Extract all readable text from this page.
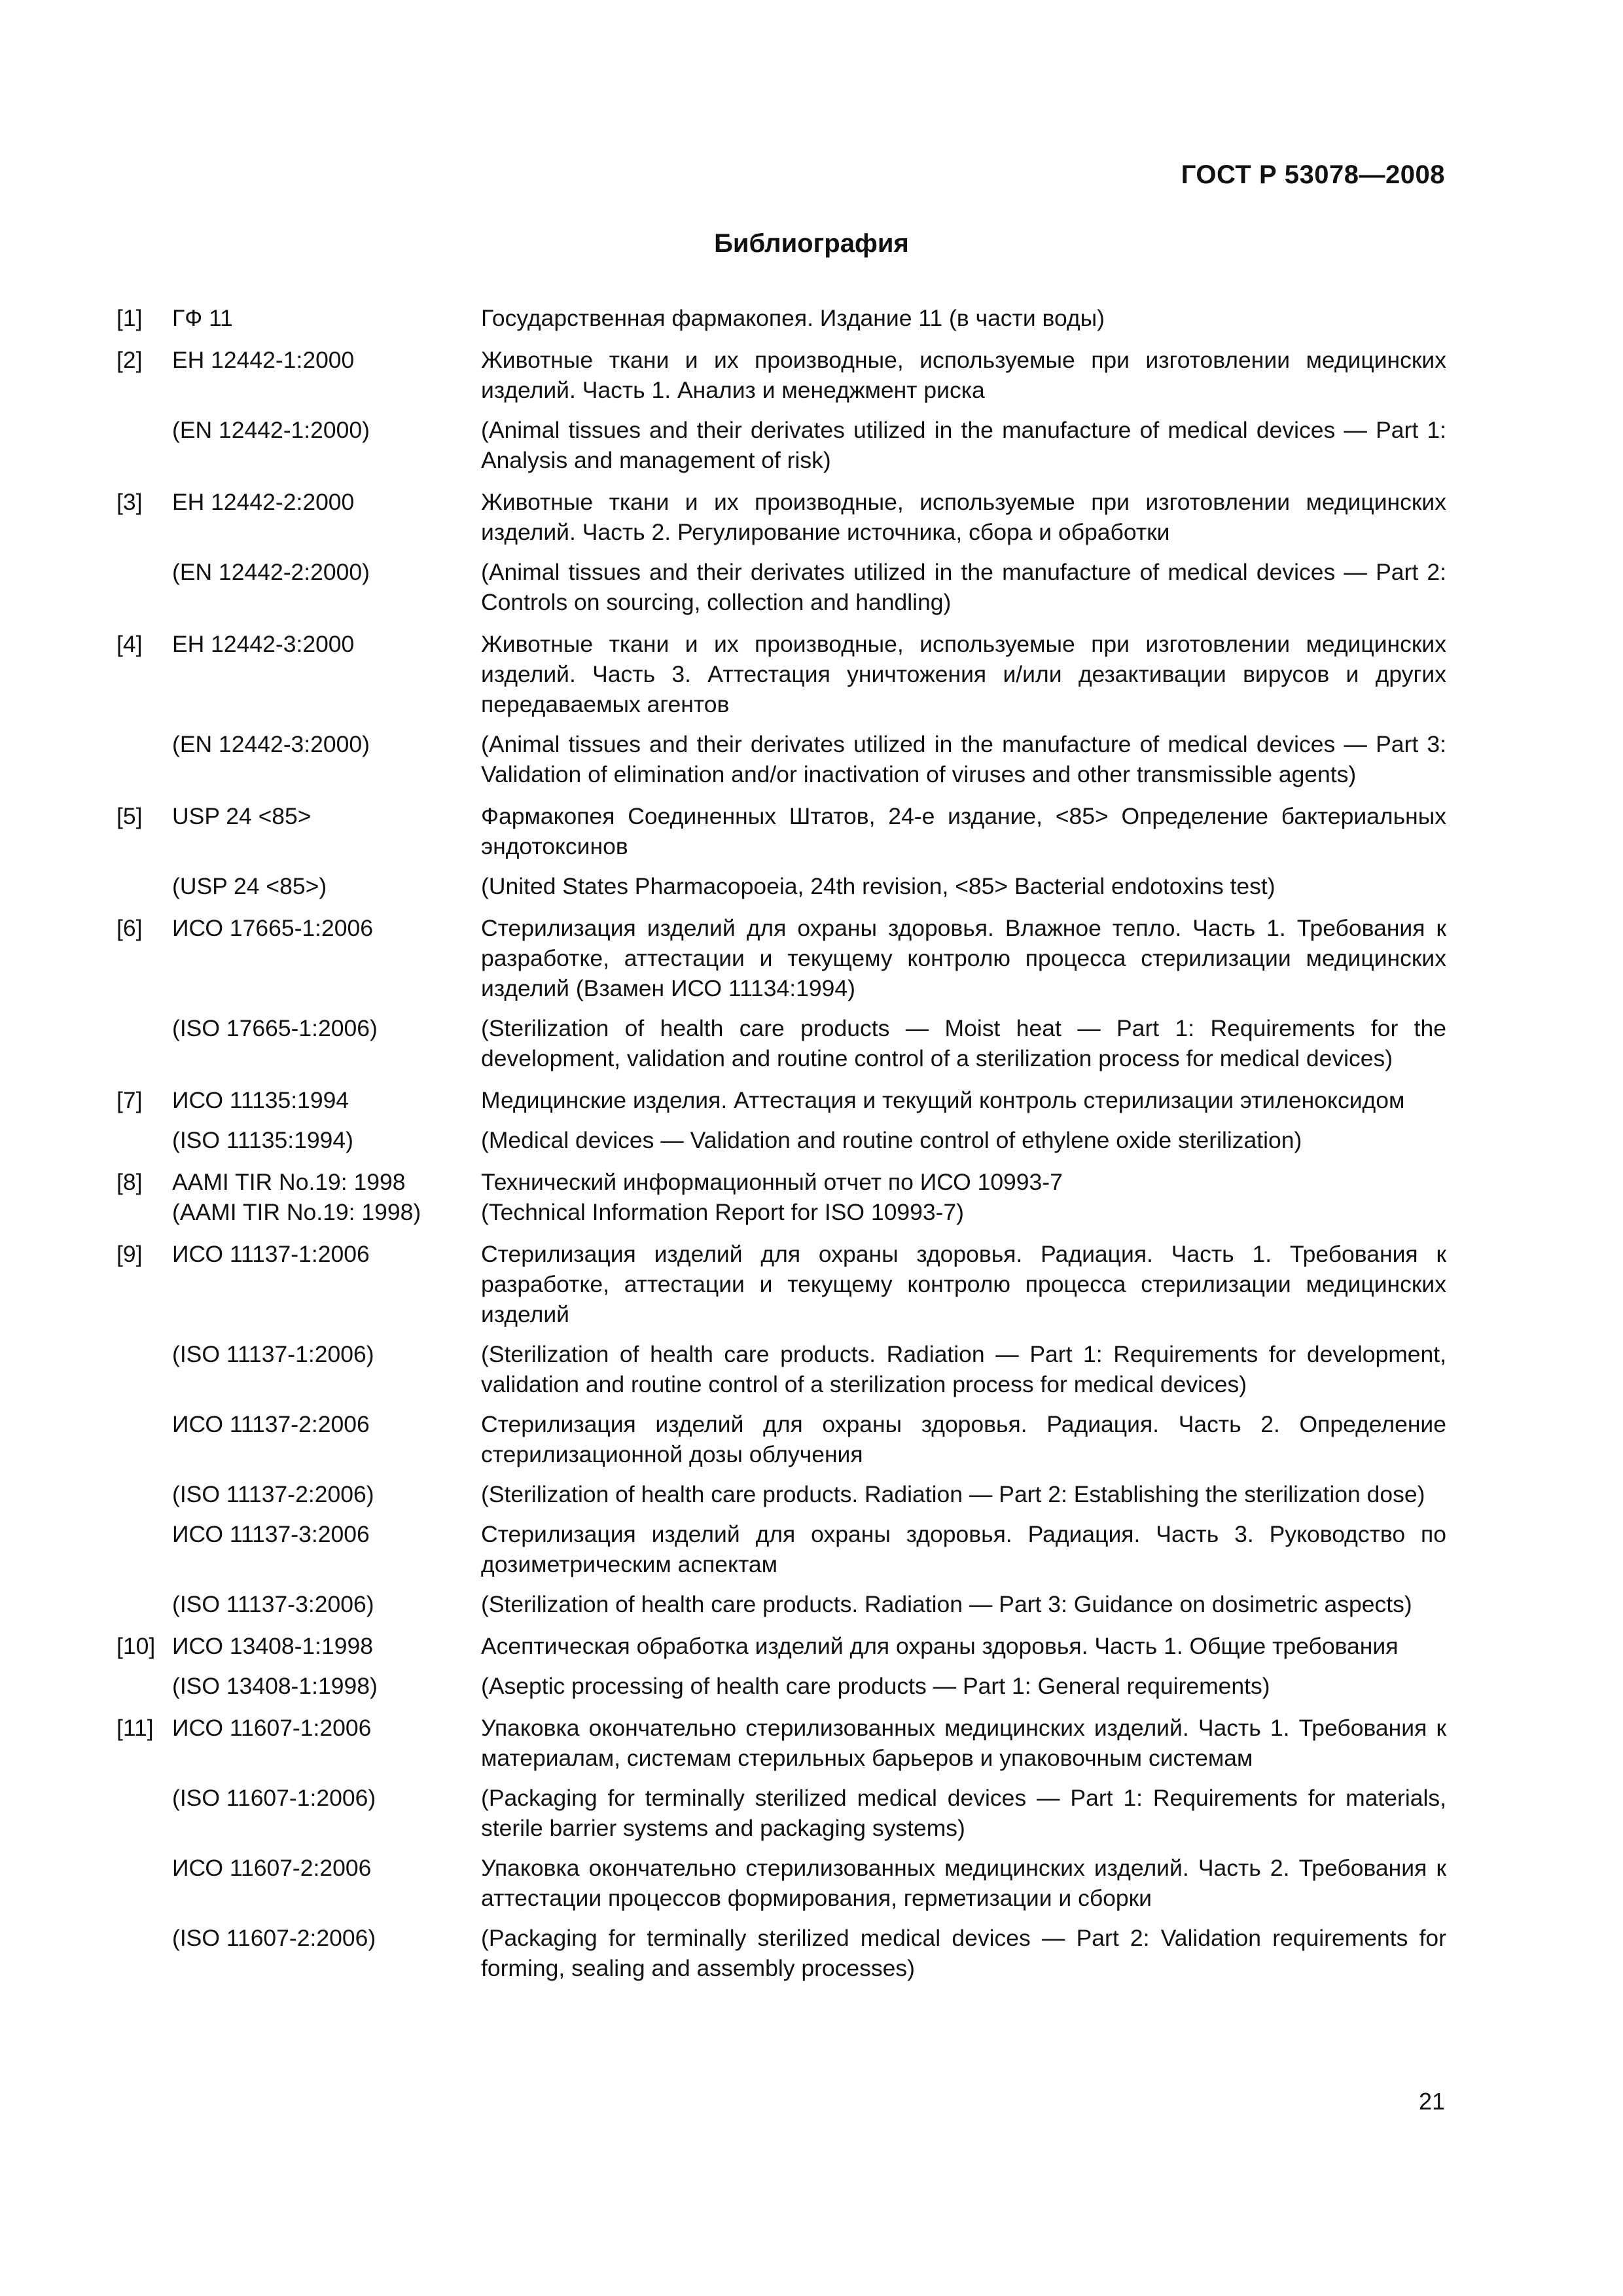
ГОСТ Р 53078—2008
Библиография
[1]	ГФ 11	Государственная фармакопея. Издание 11 (в части воды)
[2]	ЕН 12442-1:2000	Животные ткани и их производные, используемые при изготовлении медицинских изделий. Часть 1. Анализ и менеджмент риска
(EN 12442-1:2000)	(Animal tissues and their derivates utilized in the manufacture of medical devices — Part 1: Analysis and management of risk)
[3]	ЕН 12442-2:2000	Животные ткани и их производные, используемые при изготовлении медицинских изделий. Часть 2. Регулирование источника, сбора и обработки
(EN 12442-2:2000)	(Animal tissues and their derivates utilized in the manufacture of medical devices — Part 2: Controls on sourcing, collection and handling)
[4]	ЕН 12442-3:2000	Животные ткани и их производные, используемые при изготовлении медицинских изделий. Часть 3. Аттестация уничтожения и/или дезактивации вирусов и других передаваемых агентов
(EN 12442-3:2000)	(Animal tissues and their derivates utilized in the manufacture of medical devices — Part 3: Validation of elimination and/or inactivation of viruses and other transmissible agents)
[5]	USP 24 <85>	Фармакопея Соединенных Штатов, 24-е издание, <85> Определение бактериальных эндотоксинов
(USP 24 <85>)	(United States Pharmacopoeia, 24th revision, <85> Bacterial endotoxins test)
[6]	ИСО 17665-1:2006	Стерилизация изделий для охраны здоровья. Влажное тепло. Часть 1. Требования к разработке, аттестации и текущему контролю процесса стерилизации медицинских изделий (Взамен ИСО 11134:1994)
(ISO 17665-1:2006)	(Sterilization of health care products — Moist heat — Part 1: Requirements for the development, validation and routine control of a sterilization process for medical devices)
[7]	ИСО 11135:1994	Медицинские изделия. Аттестация и текущий контроль стерилизации этиленоксидом
(ISO 11135:1994)	(Medical devices — Validation and routine control of ethylene oxide sterilization)
[8]	AAMI TIR No.19: 1998	Технический информационный отчет по ИСО 10993-7
(AAMI TIR No.19: 1998)	(Technical Information Report for ISO 10993-7)
[9]	ИСО 11137-1:2006	Стерилизация изделий для охраны здоровья. Радиация. Часть 1. Требования к разработке, аттестации и текущему контролю процесса стерилизации медицинских изделий
(ISO 11137-1:2006)	(Sterilization of health care products. Radiation — Part 1: Requirements for development, validation and routine control of a sterilization process for medical devices)
ИСО 11137-2:2006	Стерилизация изделий для охраны здоровья. Радиация. Часть 2. Определение стерилизационной дозы облучения
(ISO 11137-2:2006)	(Sterilization of health care products. Radiation — Part 2: Establishing the sterilization dose)
ИСО 11137-3:2006	Стерилизация изделий для охраны здоровья. Радиация. Часть 3. Руководство по дозиметрическим аспектам
(ISO 11137-3:2006)	(Sterilization of health care products. Radiation — Part 3: Guidance on dosimetric aspects)
[10] ИСО 13408-1:1998	Асептическая обработка изделий для охраны здоровья. Часть 1. Общие требования
(ISO 13408-1:1998)	(Aseptic processing of health care products — Part 1: General requirements)
[11] ИСО 11607-1:2006	Упаковка окончательно стерилизованных медицинских изделий. Часть 1. Требования к материалам, системам стерильных барьеров и упаковочным системам
(ISO 11607-1:2006)	(Packaging for terminally sterilized medical devices — Part 1: Requirements for materials, sterile barrier systems and packaging systems)
ИСО 11607-2:2006	Упаковка окончательно стерилизованных медицинских изделий. Часть 2. Требования к аттестации процессов формирования, герметизации и сборки
(ISO 11607-2:2006)	(Packaging for terminally sterilized medical devices — Part 2: Validation requirements for forming, sealing and assembly processes)
21
